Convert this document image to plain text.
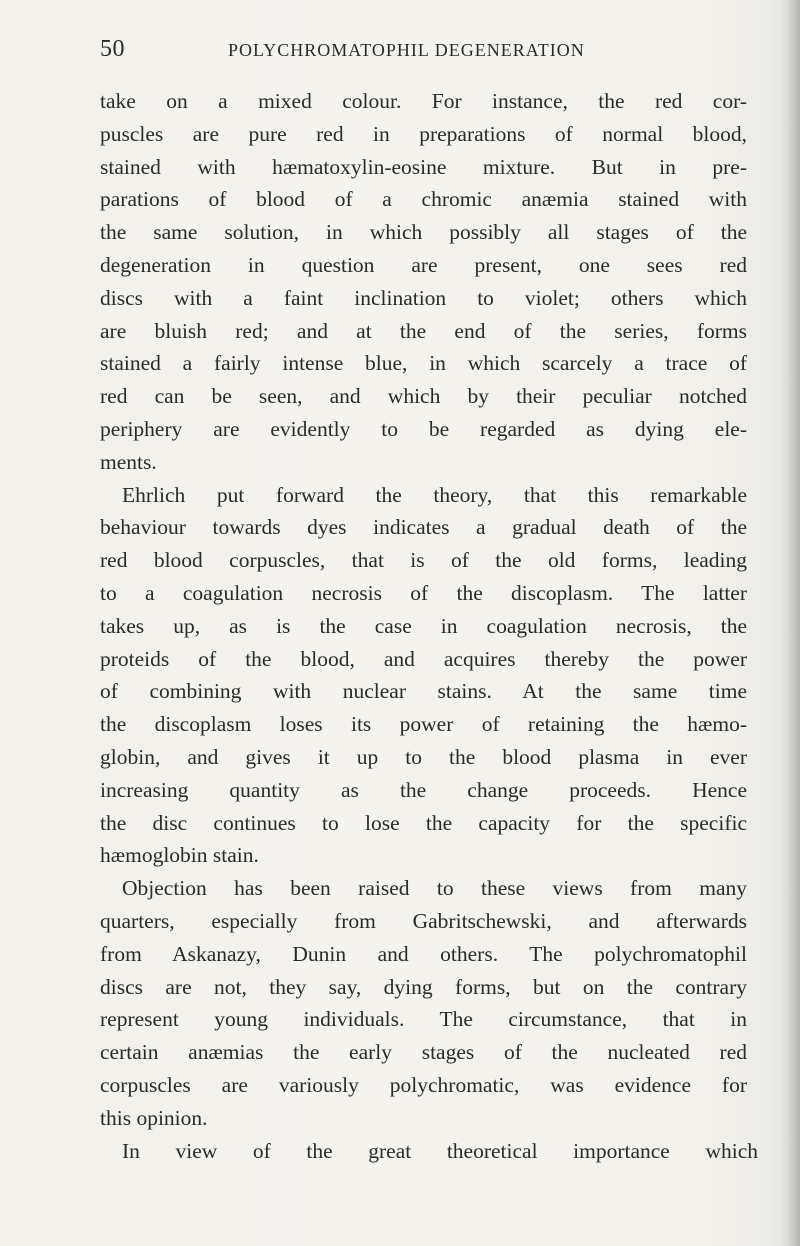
50	POLYCHROMATOPHIL DEGENERATION
take on a mixed colour. For instance, the red cor-
puscles are pure red in preparations of normal blood,
stained with hæmatoxylin-eosine mixture. But in pre-
parations of blood of a chromic anæmia stained with
the same solution, in which possibly all stages of the
degeneration in question are present, one sees red
discs with a faint inclination to violet; others which
are bluish red; and at the end of the series, forms
stained a fairly intense blue, in which scarcely a trace of
red can be seen, and which by their peculiar notched
periphery are evidently to be regarded as dying ele-
ments.
Ehrlich put forward the theory, that this remarkable
behaviour towards dyes indicates a gradual death of the
red blood corpuscles, that is of the old forms, leading
to a coagulation necrosis of the discoplasm. The latter
takes up, as is the case in coagulation necrosis, the
proteids of the blood, and acquires thereby the power
of combining with nuclear stains. At the same time
the discoplasm loses its power of retaining the hæmo-
globin, and gives it up to the blood plasma in ever
increasing quantity as the change proceeds. Hence
the disc continues to lose the capacity for the specific
hæmoglobin stain.
Objection has been raised to these views from many
quarters, especially from Gabritschewski, and afterwards
from Askanazy, Dunin and others. The polychromatophil
discs are not, they say, dying forms, but on the contrary
represent young individuals. The circumstance, that in
certain anæmias the early stages of the nucleated red
corpuscles are variously polychromatic, was evidence for
this opinion.
In view of the great theoretical importance which
